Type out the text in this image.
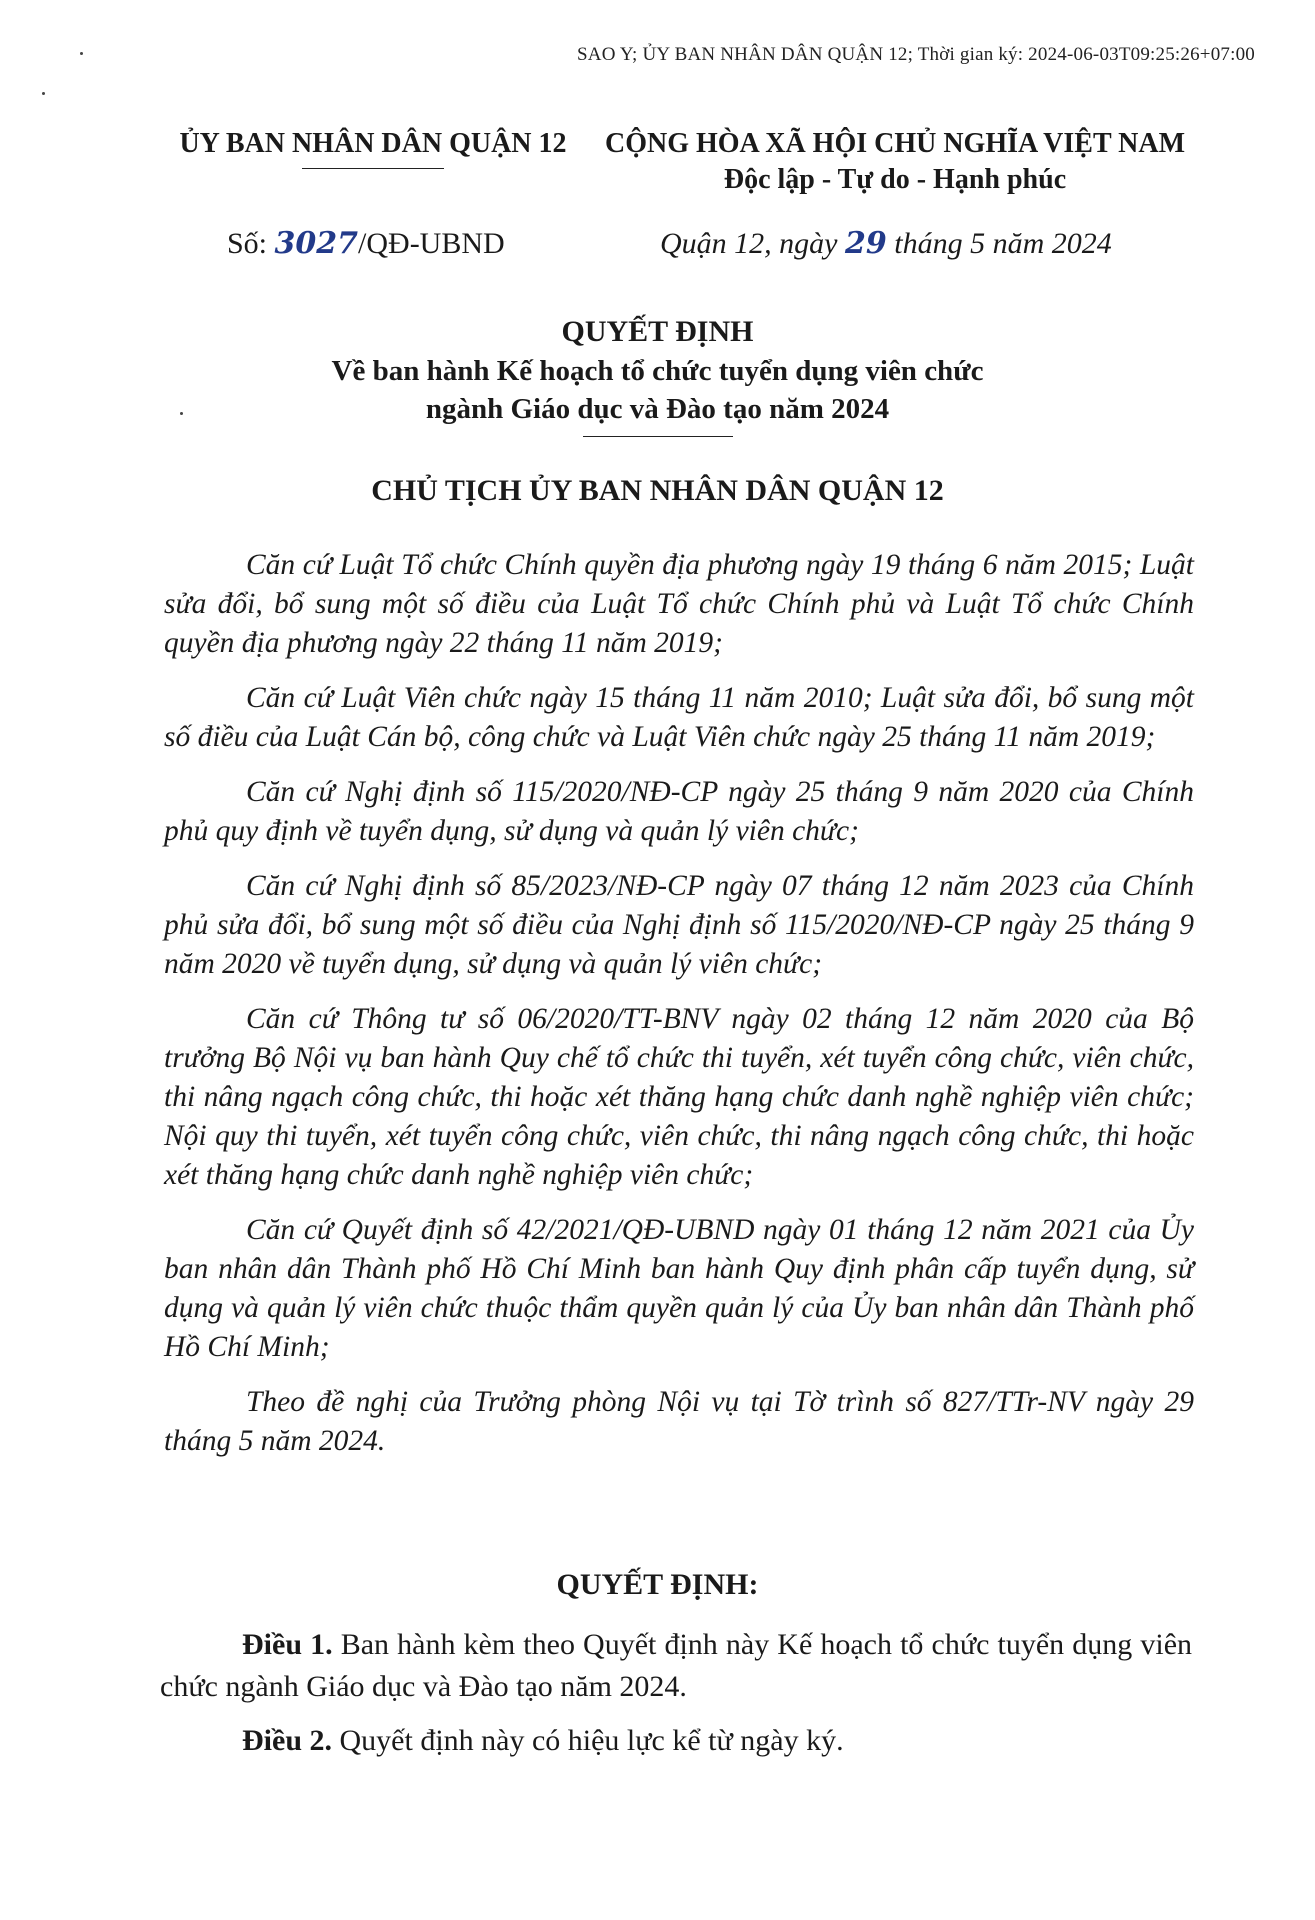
SAO Y; ỦY BAN NHÂN DÂN QUẬN 12; Thời gian ký: 2024-06-03T09:25:26+07:00
ỦY BAN NHÂN DÂN QUẬN 12	CỘNG HÒA XÃ HỘI CHỦ NGHĨA VIỆT NAM
Độc lập - Tự do - Hạnh phúc
Số: 3027/QĐ-UBND	Quận 12, ngày 29 tháng 5 năm 2024
QUYẾT ĐỊNH
Về ban hành Kế hoạch tổ chức tuyển dụng viên chức
ngành Giáo dục và Đào tạo năm 2024
CHỦ TỊCH ỦY BAN NHÂN DÂN QUẬN 12

Căn cứ Luật Tổ chức Chính quyền địa phương ngày 19 tháng 6 năm 2015; Luật sửa đổi, bổ sung một số điều của Luật Tổ chức Chính phủ và Luật Tổ chức Chính quyền địa phương ngày 22 tháng 11 năm 2019;

Căn cứ Luật Viên chức ngày 15 tháng 11 năm 2010; Luật sửa đổi, bổ sung một số điều của Luật Cán bộ, công chức và Luật Viên chức ngày 25 tháng 11 năm 2019;

Căn cứ Nghị định số 115/2020/NĐ-CP ngày 25 tháng 9 năm 2020 của Chính phủ quy định về tuyển dụng, sử dụng và quản lý viên chức;

Căn cứ Nghị định số 85/2023/NĐ-CP ngày 07 tháng 12 năm 2023 của Chính phủ sửa đổi, bổ sung một số điều của Nghị định số 115/2020/NĐ-CP ngày 25 tháng 9 năm 2020 về tuyển dụng, sử dụng và quản lý viên chức;

Căn cứ Thông tư số 06/2020/TT-BNV ngày 02 tháng 12 năm 2020 của Bộ trưởng Bộ Nội vụ ban hành Quy chế tổ chức thi tuyển, xét tuyển công chức, viên chức, thi nâng ngạch công chức, thi hoặc xét thăng hạng chức danh nghề nghiệp viên chức; Nội quy thi tuyển, xét tuyển công chức, viên chức, thi nâng ngạch công chức, thi hoặc xét thăng hạng chức danh nghề nghiệp viên chức;

Căn cứ Quyết định số 42/2021/QĐ-UBND ngày 01 tháng 12 năm 2021 của Ủy ban nhân dân Thành phố Hồ Chí Minh ban hành Quy định phân cấp tuyển dụng, sử dụng và quản lý viên chức thuộc thẩm quyền quản lý của Ủy ban nhân dân Thành phố Hồ Chí Minh;

Theo đề nghị của Trưởng phòng Nội vụ tại Tờ trình số 827/TTr-NV ngày 29 tháng 5 năm 2024.

QUYẾT ĐỊNH:

Điều 1. Ban hành kèm theo Quyết định này Kế hoạch tổ chức tuyển dụng viên chức ngành Giáo dục và Đào tạo năm 2024.

Điều 2. Quyết định này có hiệu lực kể từ ngày ký.
